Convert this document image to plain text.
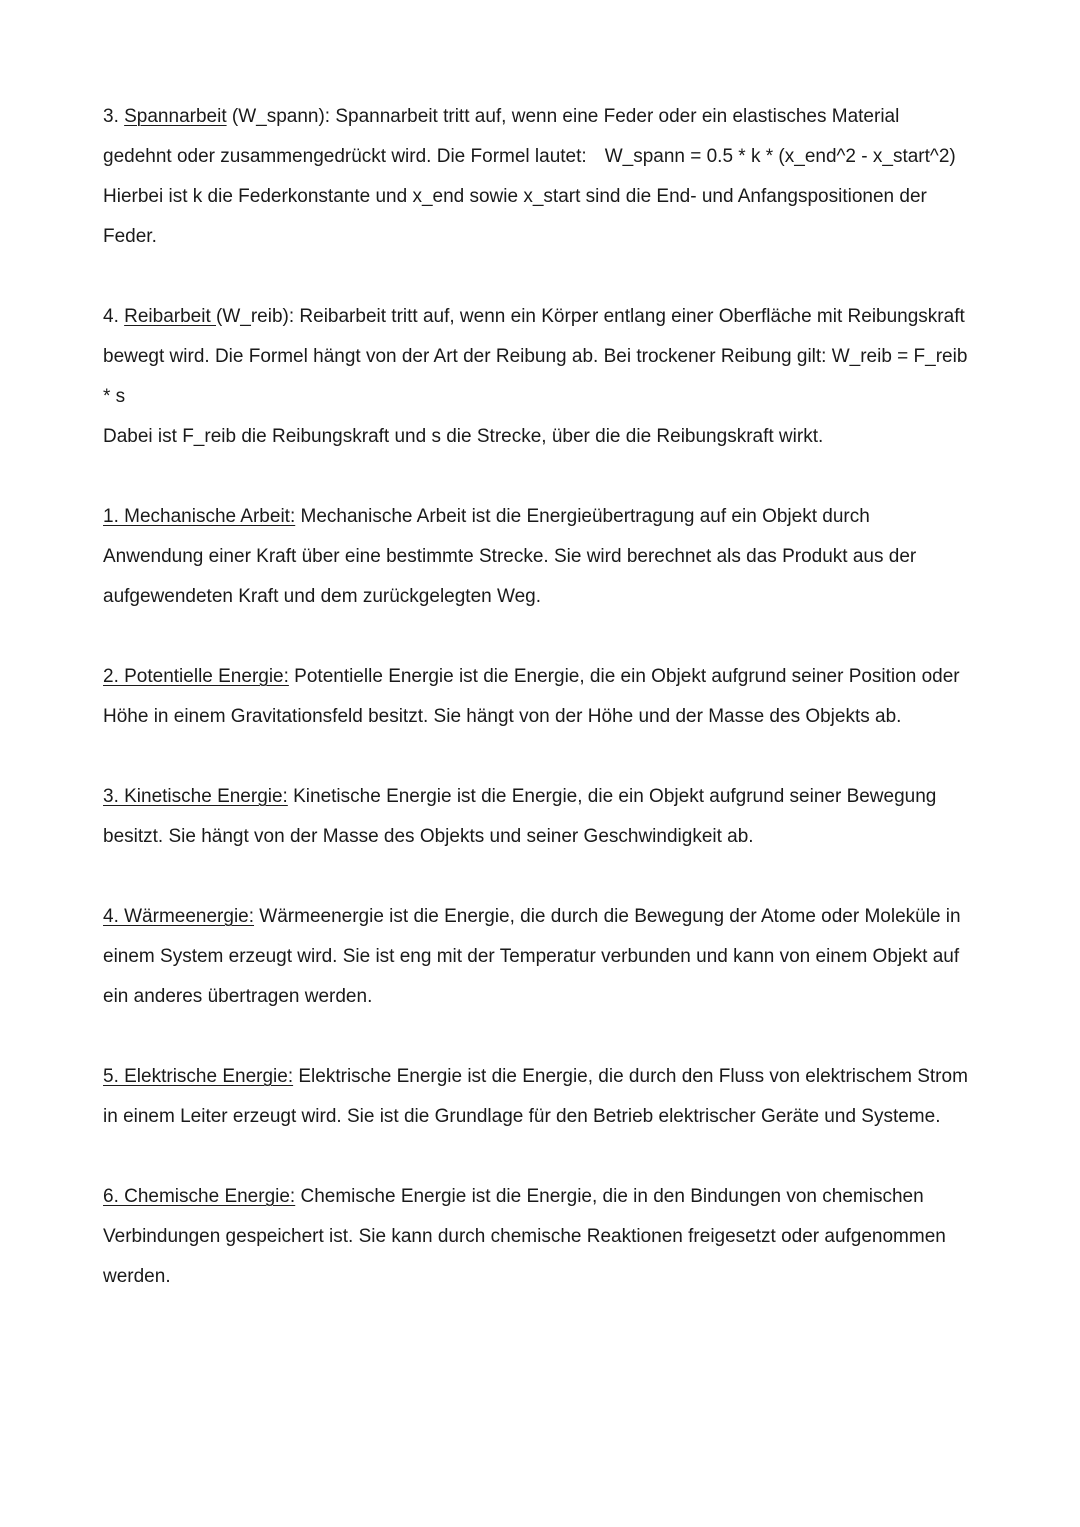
3. Spannarbeit (W_spann): Spannarbeit tritt auf, wenn eine Feder oder ein elastisches Material gedehnt oder zusammengedrückt wird. Die Formel lautet: W_spann = 0.5 * k * (x_end^2 - x_start^2)

Hierbei ist k die Federkonstante und x_end sowie x_start sind die End- und Anfangspositionen der Feder.

4. Reibarbeit (W_reib): Reibarbeit tritt auf, wenn ein Körper entlang einer Oberfläche mit Reibungskraft bewegt wird. Die Formel hängt von der Art der Reibung ab. Bei trockener Reibung gilt: W_reib = F_reib * s

Dabei ist F_reib die Reibungskraft und s die Strecke, über die die Reibungskraft wirkt.

1. Mechanische Arbeit: Mechanische Arbeit ist die Energieübertragung auf ein Objekt durch Anwendung einer Kraft über eine bestimmte Strecke. Sie wird berechnet als das Produkt aus der aufgewendeten Kraft und dem zurückgelegten Weg.

2. Potentielle Energie: Potentielle Energie ist die Energie, die ein Objekt aufgrund seiner Position oder Höhe in einem Gravitationsfeld besitzt. Sie hängt von der Höhe und der Masse des Objekts ab.

3. Kinetische Energie: Kinetische Energie ist die Energie, die ein Objekt aufgrund seiner Bewegung besitzt. Sie hängt von der Masse des Objekts und seiner Geschwindigkeit ab.

4. Wärmeenergie: Wärmeenergie ist die Energie, die durch die Bewegung der Atome oder Moleküle in einem System erzeugt wird. Sie ist eng mit der Temperatur verbunden und kann von einem Objekt auf ein anderes übertragen werden.

5. Elektrische Energie: Elektrische Energie ist die Energie, die durch den Fluss von elektrischem Strom in einem Leiter erzeugt wird. Sie ist die Grundlage für den Betrieb elektrischer Geräte und Systeme.

6. Chemische Energie: Chemische Energie ist die Energie, die in den Bindungen von chemischen Verbindungen gespeichert ist. Sie kann durch chemische Reaktionen freigesetzt oder aufgenommen werden.
